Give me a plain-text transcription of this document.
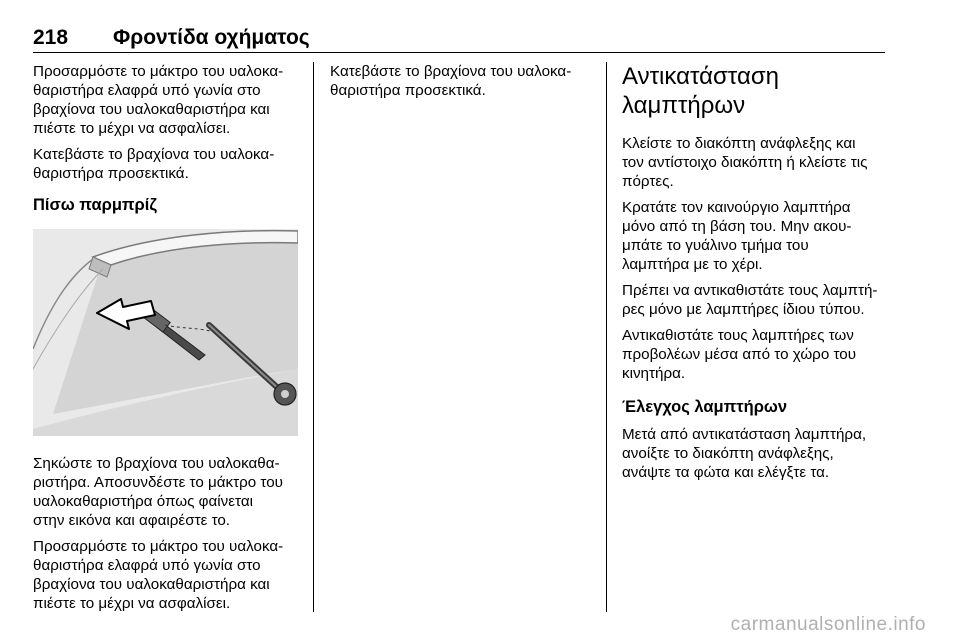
218 Φροντίδα οχήματος

Προσαρμόστε το μάκτρο του υαλοκα‐
θαριστήρα ελαφρά υπό γωνία στο
βραχίονα του υαλοκαθαριστήρα και
πιέστε το μέχρι να ασφαλίσει.

Κατεβάστε το βραχίονα του υαλοκα‐
θαριστήρα προσεκτικά.

Πίσω παρμπρίζ

Σηκώστε το βραχίονα του υαλοκαθα‐
ριστήρα. Αποσυνδέστε το μάκτρο του
υαλοκαθαριστήρα όπως φαίνεται
στην εικόνα και αφαιρέστε το.

Προσαρμόστε το μάκτρο του υαλοκα‐
θαριστήρα ελαφρά υπό γωνία στο
βραχίονα του υαλοκαθαριστήρα και
πιέστε το μέχρι να ασφαλίσει.

Κατεβάστε το βραχίονα του υαλοκα‐
θαριστήρα προσεκτικά.

Αντικατάσταση
λαμπτήρων

Κλείστε το διακόπτη ανάφλεξης και
τον αντίστοιχο διακόπτη ή κλείστε τις
πόρτες.

Κρατάτε τον καινούργιο λαμπτήρα
μόνο από τη βάση του. Μην ακου‐
μπάτε το γυάλινο τμήμα του
λαμπτήρα με το χέρι.

Πρέπει να αντικαθιστάτε τους λαμπτή‐
ρες μόνο με λαμπτήρες ίδιου τύπου.

Αντικαθιστάτε τους λαμπτήρες των
προβολέων μέσα από το χώρο του
κινητήρα.

Έλεγχος λαμπτήρων

Μετά από αντικατάσταση λαμπτήρα,
ανοίξτε το διακόπτη ανάφλεξης,
ανάψτε τα φώτα και ελέγξτε τα.

carmanualsonline.info
